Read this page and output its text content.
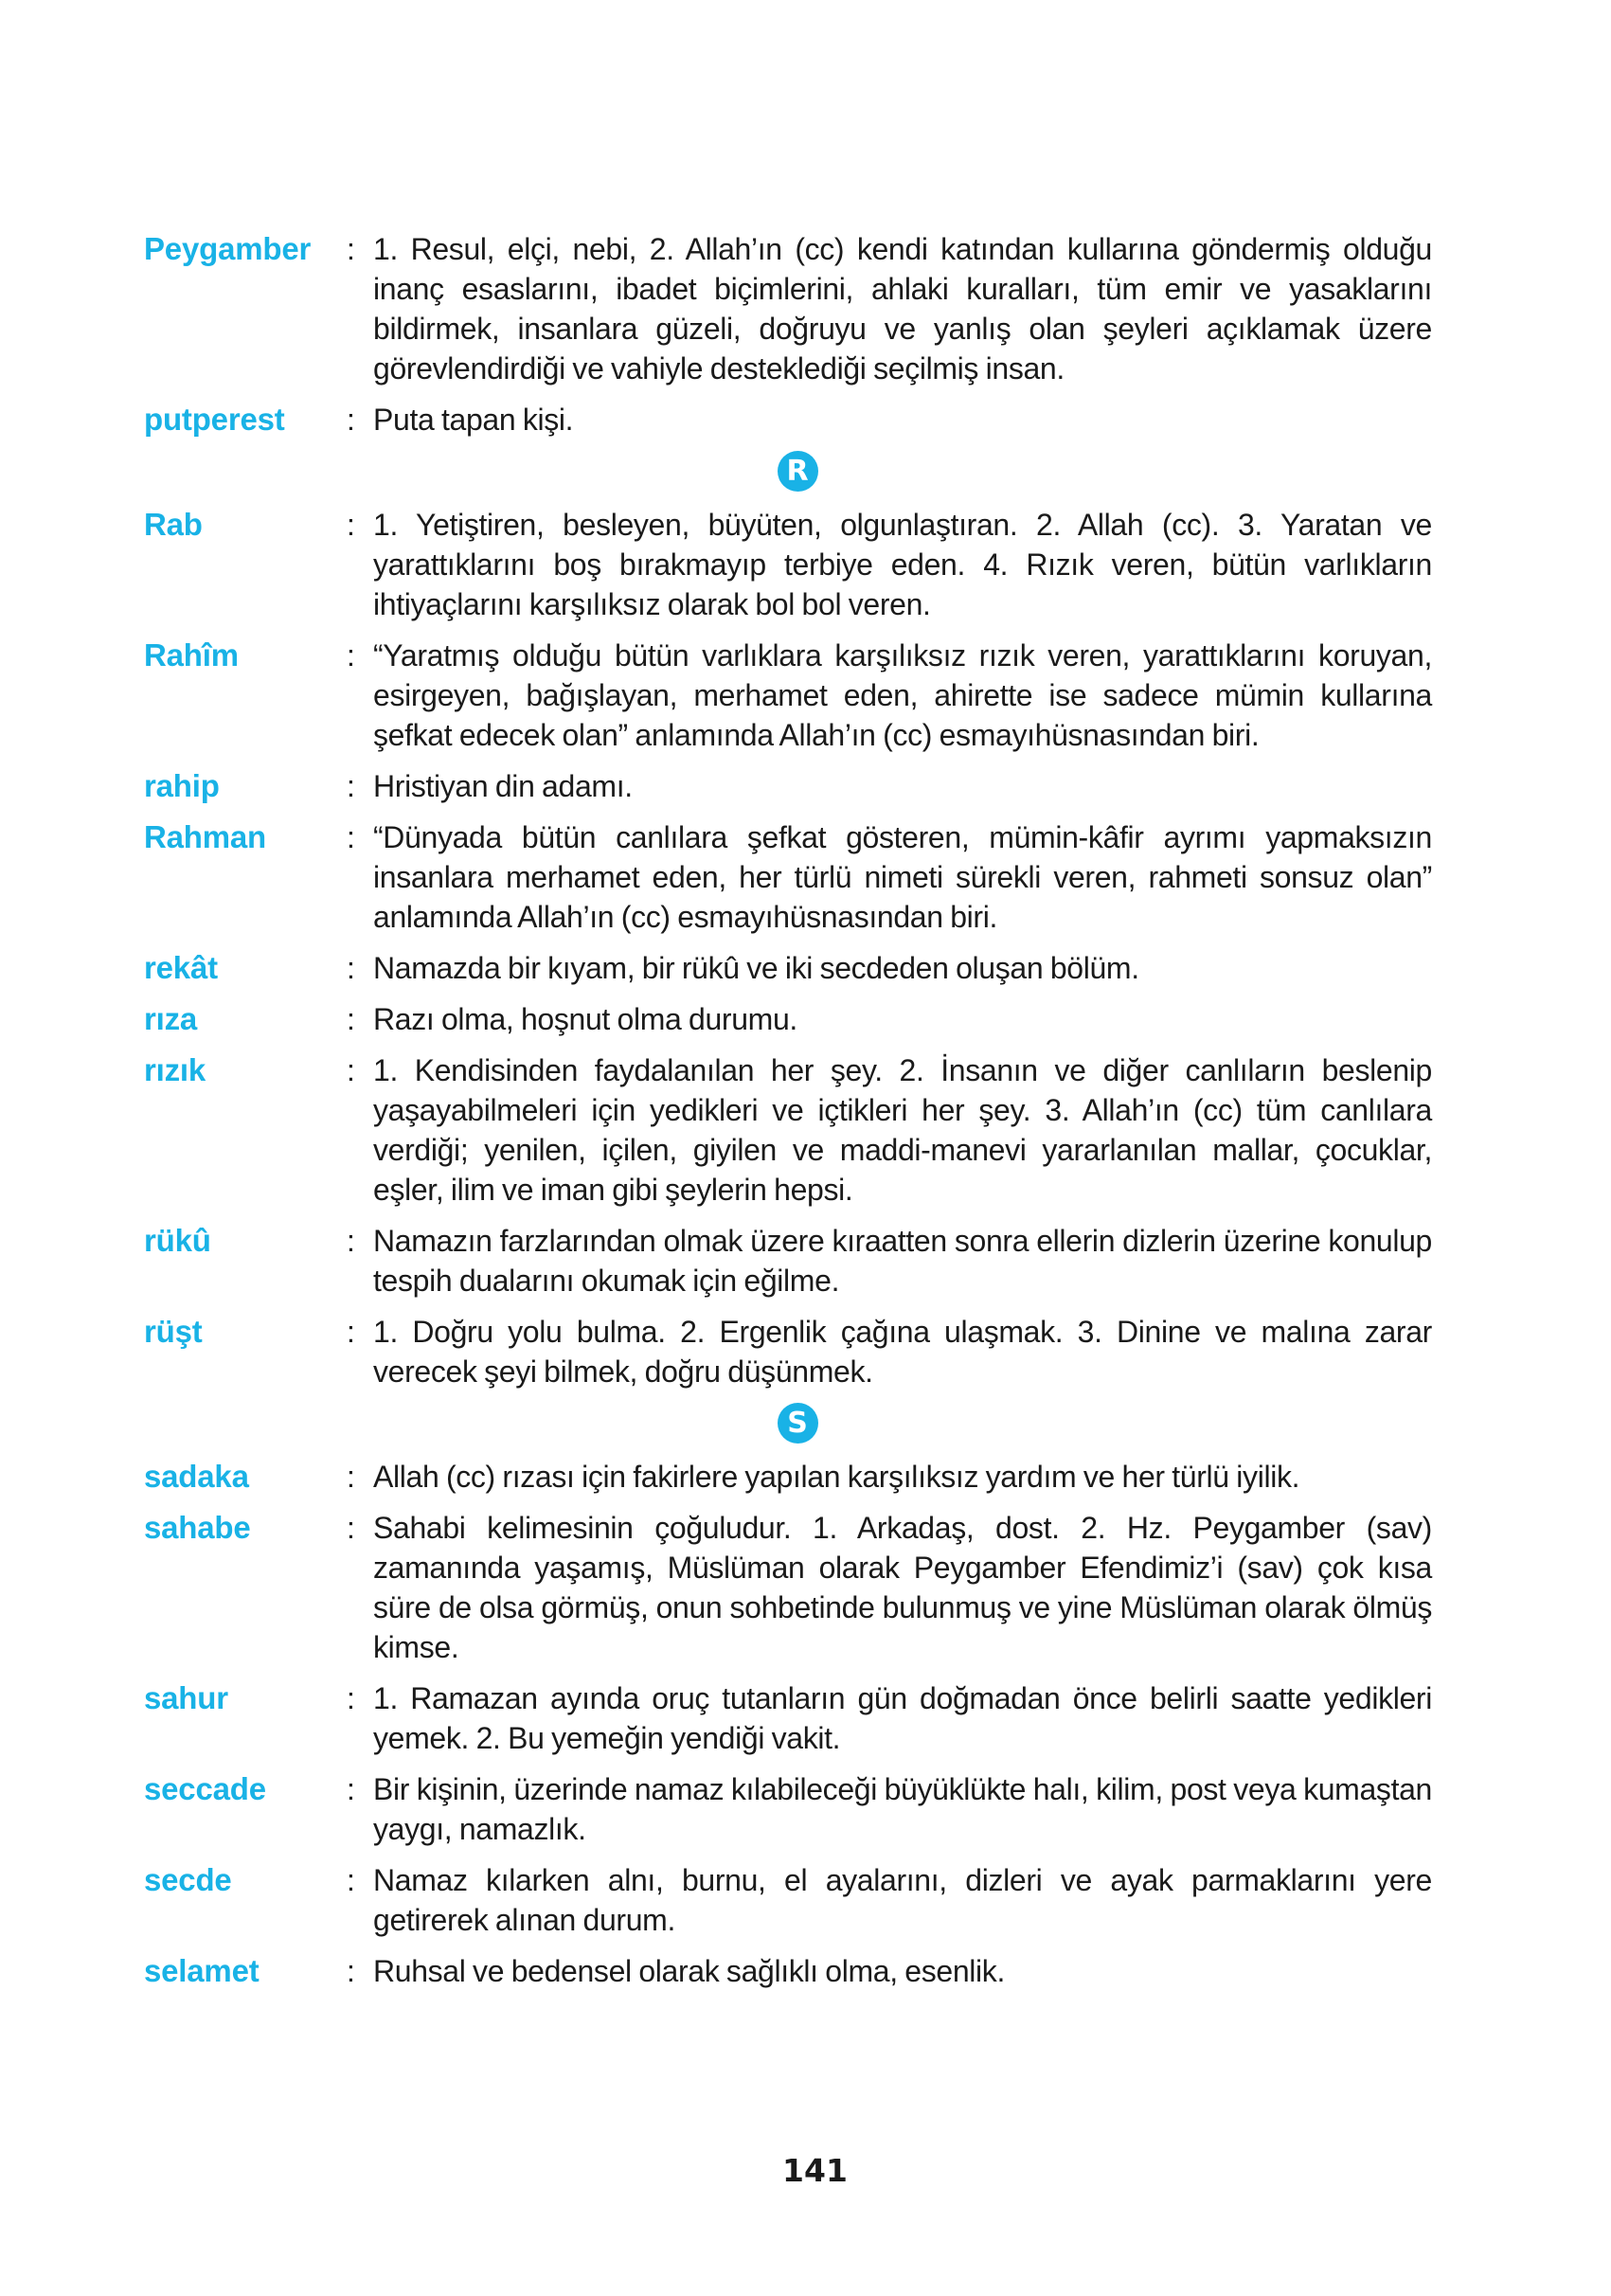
Peygamber	: 1. Resul, elçi, nebi, 2. Allah’ın (cc) kendi katından kullarına göndermiş olduğu inanç esaslarını, ibadet biçimlerini, ahlaki kuralları, tüm emir ve yasaklarını bildirmek, insanlara güzeli, doğruyu ve yanlış olan şeyleri açıklamak üzere görevlendirdiği ve vahiyle desteklediği seçilmiş insan.
putperest	: Puta tapan kişi.
R
Rab	: 1. Yetiştiren, besleyen, büyüten, olgunlaştıran. 2. Allah (cc). 3. Yaratan ve yarattıklarını boş bırakmayıp terbiye eden. 4. Rızık veren, bütün varlıkların ihtiyaçlarını karşılıksız olarak bol bol veren.
Rahîm	: “Yaratmış olduğu bütün varlıklara karşılıksız rızık veren, yarattıklarını koruyan, esirgeyen, bağışlayan, merhamet eden, ahirette ise sadece mümin kullarına şefkat edecek olan” anlamında Allah’ın (cc) esmayıhüsnasından biri.
rahip	: Hristiyan din adamı.
Rahman	: “Dünyada bütün canlılara şefkat gösteren, mümin-kâfir ayrımı yapmaksızın insanlara merhamet eden, her türlü nimeti sürekli veren, rahmeti sonsuz olan” anlamında Allah’ın (cc) esmayıhüsnasından biri.
rekât	: Namazda bir kıyam, bir rükû ve iki secdeden oluşan bölüm.
rıza	: Razı olma, hoşnut olma durumu.
rızık	: 1. Kendisinden faydalanılan her şey. 2. İnsanın ve diğer canlıların beslenip yaşayabilmeleri için yedikleri ve içtikleri her şey. 3. Allah’ın (cc) tüm canlılara verdiği; yenilen, içilen, giyilen ve maddi-manevi yararlanılan mallar, çocuklar, eşler, ilim ve iman gibi şeylerin hepsi.
rükû	: Namazın farzlarından olmak üzere kıraatten sonra ellerin dizlerin üzerine konulup tespih dualarını okumak için eğilme.
rüşt	: 1. Doğru yolu bulma. 2. Ergenlik çağına ulaşmak. 3. Dinine ve malına zarar verecek şeyi bilmek, doğru düşünmek.
S
sadaka	: Allah (cc) rızası için fakirlere yapılan karşılıksız yardım ve her türlü iyilik.
sahabe	: Sahabi kelimesinin çoğuludur. 1. Arkadaş, dost. 2. Hz. Peygamber (sav) zamanında yaşamış, Müslüman olarak Peygamber Efendimiz’i (sav) çok kısa süre de olsa görmüş, onun sohbetinde bulunmuş ve yine Müslüman olarak ölmüş kimse.
sahur	: 1. Ramazan ayında oruç tutanların gün doğmadan önce belirli saatte yedikleri yemek. 2. Bu yemeğin yendiği vakit.
seccade	: Bir kişinin, üzerinde namaz kılabileceği büyüklükte halı, kilim, post veya kumaştan yaygı, namazlık.
secde	: Namaz kılarken alnı, burnu, el ayalarını, dizleri ve ayak parmaklarını yere getirerek alınan durum.
selamet	: Ruhsal ve bedensel olarak sağlıklı olma, esenlik.
141
